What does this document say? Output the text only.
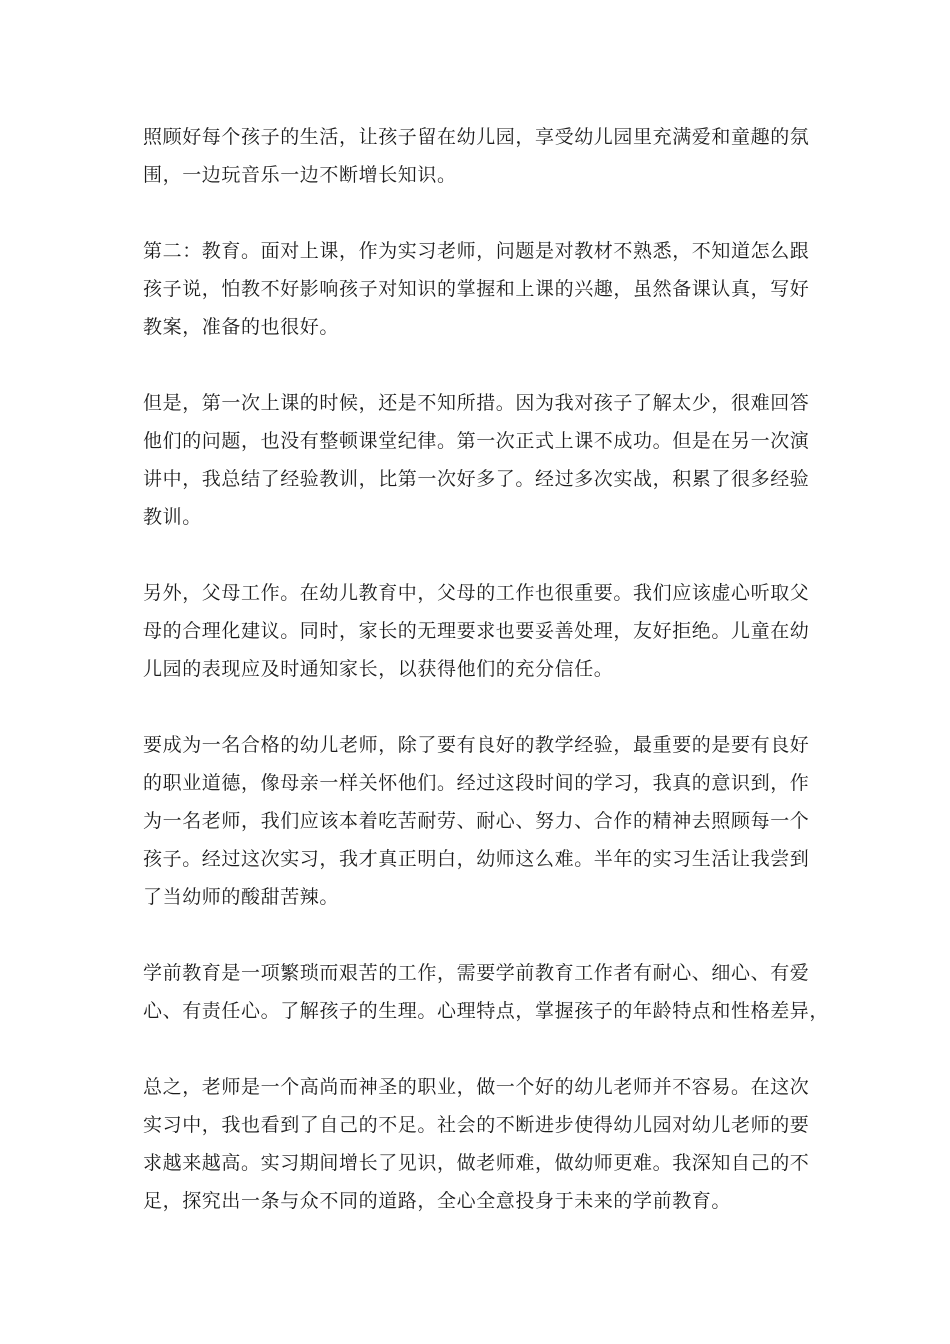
照顾好每个孩子的生活，让孩子留在幼儿园，享受幼儿园里充满爱和童趣的氛
围，一边玩音乐一边不断增长知识。

第二：教育。面对上课，作为实习老师，问题是对教材不熟悉，不知道怎么跟
孩子说，怕教不好影响孩子对知识的掌握和上课的兴趣，虽然备课认真，写好
教案，准备的也很好。

但是，第一次上课的时候，还是不知所措。因为我对孩子了解太少，很难回答
他们的问题，也没有整顿课堂纪律。第一次正式上课不成功。但是在另一次演
讲中，我总结了经验教训，比第一次好多了。经过多次实战，积累了很多经验
教训。

另外，父母工作。在幼儿教育中，父母的工作也很重要。我们应该虚心听取父
母的合理化建议。同时，家长的无理要求也要妥善处理，友好拒绝。儿童在幼
儿园的表现应及时通知家长，以获得他们的充分信任。

要成为一名合格的幼儿老师，除了要有良好的教学经验，最重要的是要有良好
的职业道德，像母亲一样关怀他们。经过这段时间的学习，我真的意识到，作
为一名老师，我们应该本着吃苦耐劳、耐心、努力、合作的精神去照顾每一个
孩子。经过这次实习，我才真正明白，幼师这么难。半年的实习生活让我尝到
了当幼师的酸甜苦辣。

学前教育是一项繁琐而艰苦的工作，需要学前教育工作者有耐心、细心、有爱
心、有责任心。了解孩子的生理。心理特点，掌握孩子的年龄特点和性格差异，

总之，老师是一个高尚而神圣的职业，做一个好的幼儿老师并不容易。在这次
实习中，我也看到了自己的不足。社会的不断进步使得幼儿园对幼儿老师的要
求越来越高。实习期间增长了见识，做老师难，做幼师更难。我深知自己的不
足，探究出一条与众不同的道路，全心全意投身于未来的学前教育。
